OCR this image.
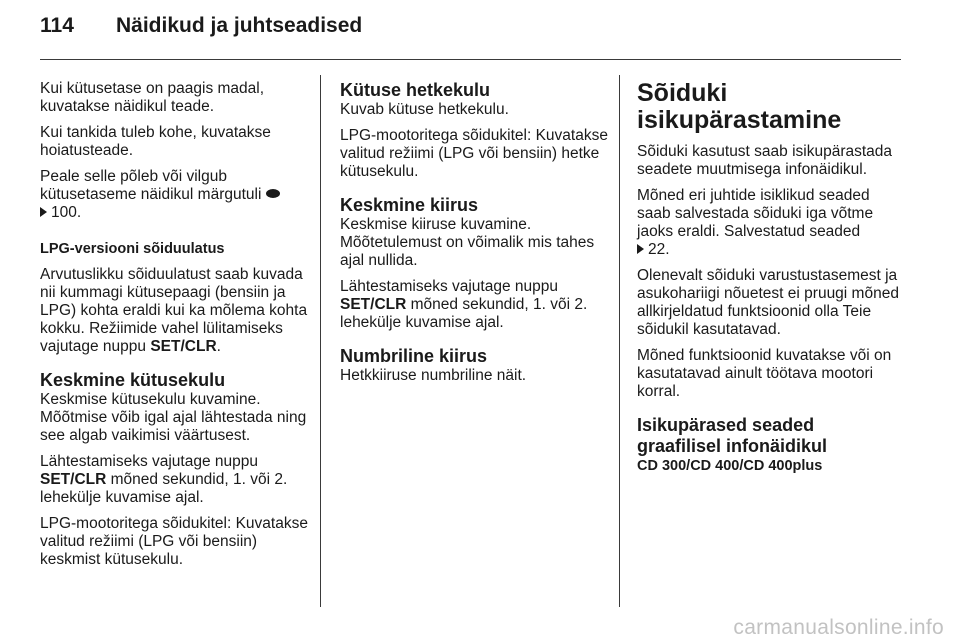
114 Näidikud ja juhtseadised

Kui kütusetase on paagis madal, kuvatakse näidikul teade.

Kui tankida tuleb kohe, kuvatakse hoiatusteade.

Peale selle põleb või vilgub kütusetaseme näidikul märgutuli
100.

LPG-versiooni sõiduulatus

Arvutuslikku sõiduulatust saab kuvada nii kummagi kütusepaagi (bensiin ja LPG) kohta eraldi kui ka mõlema kohta kokku. Režiimide vahel lülitamiseks vajutage nuppu SET/CLR.

Keskmine kütusekulu

Keskmise kütusekulu kuvamine. Mõõtmise võib igal ajal lähtestada ning see algab vaikimisi väärtusest.

Lähtestamiseks vajutage nuppu SET/CLR mõned sekundid, 1. või 2. lehekülje kuvamise ajal.

LPG-mootoritega sõidukitel: Kuvatakse valitud režiimi (LPG või bensiin) keskmist kütusekulu.

Kütuse hetkekulu

Kuvab kütuse hetkekulu.

LPG-mootoritega sõidukitel: Kuvatakse valitud režiimi (LPG või bensiin) hetke kütusekulu.

Keskmine kiirus

Keskmise kiiruse kuvamine. Mõõtetulemust on võimalik mis tahes ajal nullida.

Lähtestamiseks vajutage nuppu SET/CLR mõned sekundid, 1. või 2. lehekülje kuvamise ajal.

Numbriline kiirus

Hetkkiiruse numbriline näit.

Sõiduki isikupärastamine

Sõiduki kasutust saab isikupärastada seadete muutmisega infonäidikul.

Mõned eri juhtide isiklikud seaded saab salvestada sõiduki iga võtme jaoks eraldi. Salvestatud seaded
22.

Olenevalt sõiduki varustustasemest ja asukohariigi nõuetest ei pruugi mõned allkirjeldatud funktsioonid olla Teie sõidukil kasutatavad.

Mõned funktsioonid kuvatakse või on kasutatavad ainult töötava mootori korral.

Isikupärased seaded graafilisel infonäidikul

CD 300/CD 400/CD 400plus

carmanualsonline.info
